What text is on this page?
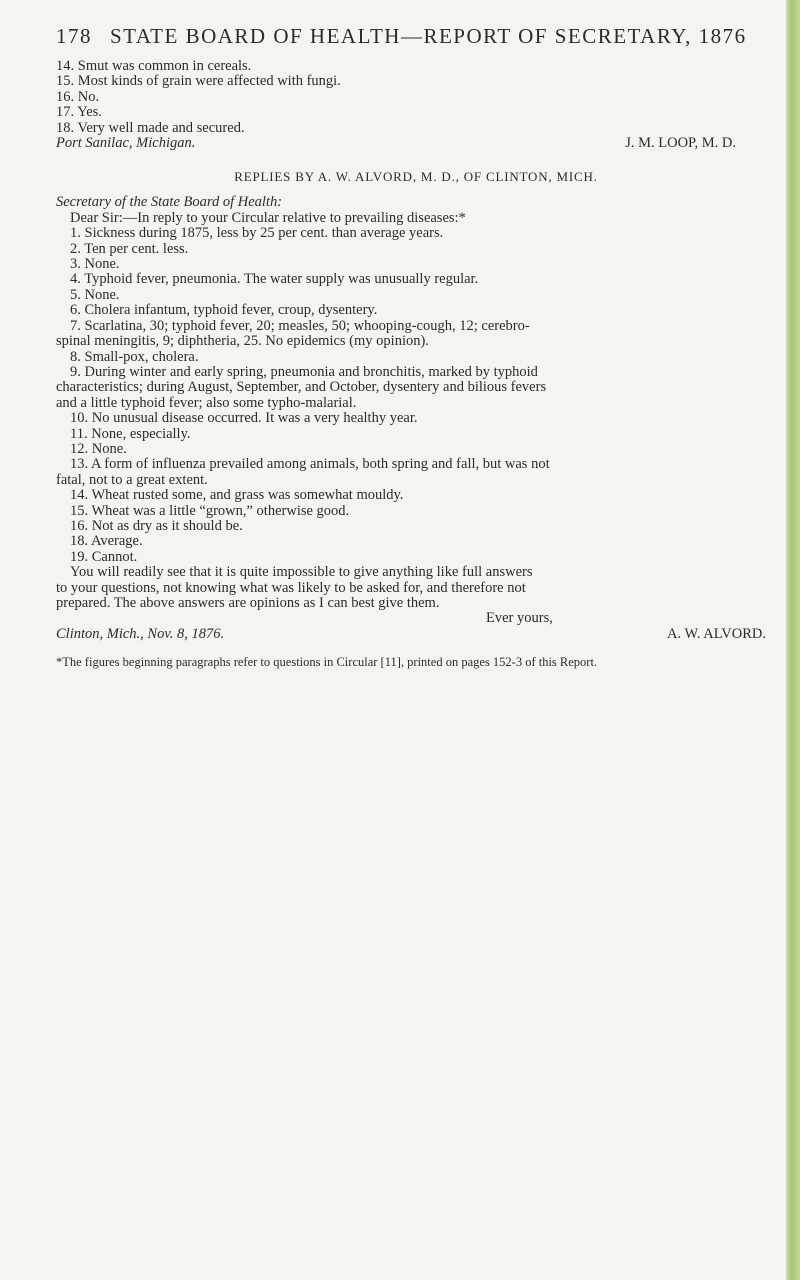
178 STATE BOARD OF HEALTH—REPORT OF SECRETARY, 1876
14. Smut was common in cereals.
15. Most kinds of grain were affected with fungi.
16. No.
17. Yes.
18. Very well made and secured.
Port Sanilac, Michigan.	J. M. LOOP, M. D.
REPLIES BY A. W. ALVORD, M. D., OF CLINTON, MICH.
Secretary of the State Board of Health:
Dear Sir:—In reply to your Circular relative to prevailing diseases:*
1. Sickness during 1875, less by 25 per cent. than average years.
2. Ten per cent. less.
3. None.
4. Typhoid fever, pneumonia. The water supply was unusually regular.
5. None.
6. Cholera infantum, typhoid fever, croup, dysentery.
7. Scarlatina, 30; typhoid fever, 20; measles, 50; whooping-cough, 12; cerebro-
spinal meningitis, 9; diphtheria, 25. No epidemics (my opinion).
8. Small-pox, cholera.
9. During winter and early spring, pneumonia and bronchitis, marked by typhoid
characteristics; during August, September, and October, dysentery and bilious fevers
and a little typhoid fever; also some typho-malarial.
10. No unusual disease occurred. It was a very healthy year.
11. None, especially.
12. None.
13. A form of influenza prevailed among animals, both spring and fall, but was not
fatal, not to a great extent.
14. Wheat rusted some, and grass was somewhat mouldy.
15. Wheat was a little “grown,” otherwise good.
16. Not as dry as it should be.
18. Average.
19. Cannot.
You will readily see that it is quite impossible to give anything like full answers
to your questions, not knowing what was likely to be asked for, and therefore not
prepared. The above answers are opinions as I can best give them.
Ever yours,
Clinton, Mich., Nov. 8, 1876.	A. W. ALVORD.
*The figures beginning paragraphs refer to questions in Circular [11], printed on pages 152-3 of this Report.
